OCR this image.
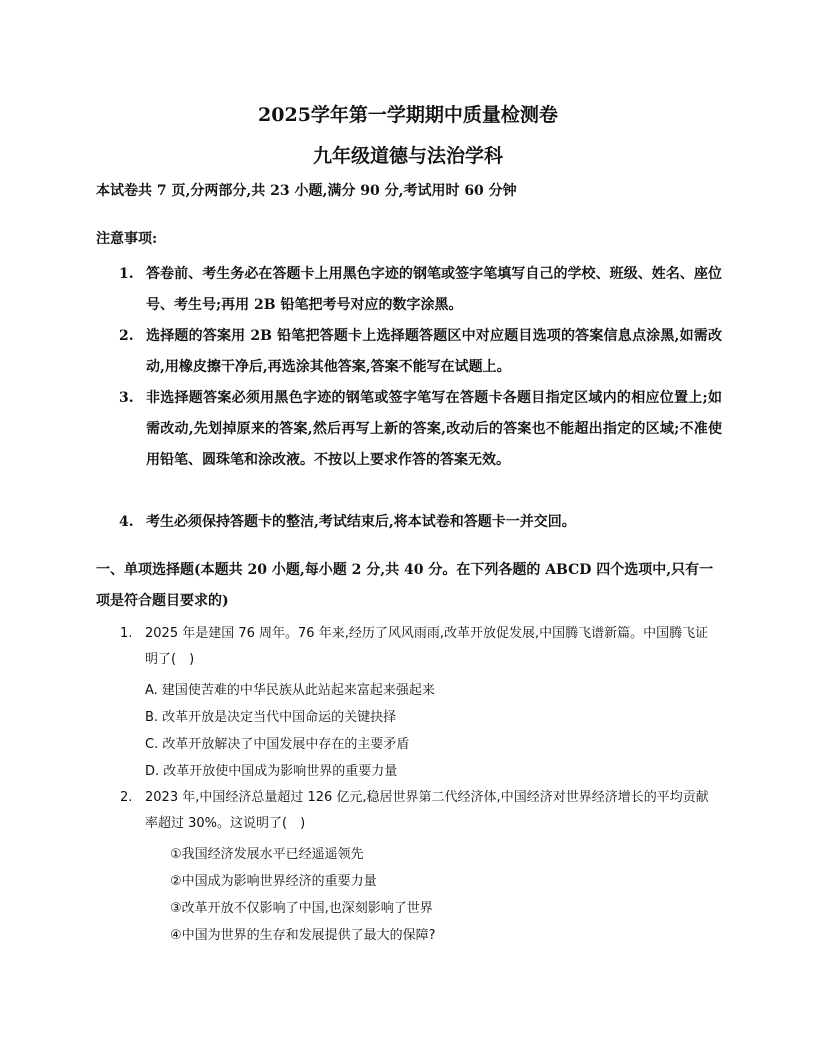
2025学年第一学期期中质量检测卷
九年级道德与法治学科
本试卷共 7 页,分两部分,共 23 小题,满分 90 分,考试用时 60 分钟
注意事项:
1. 答卷前、考生务必在答题卡上用黑色字迹的钢笔或签字笔填写自己的学校、班级、姓名、座位号、考生号;再用 2B 铅笔把考号对应的数字涂黑。
2. 选择题的答案用 2B 铅笔把答题卡上选择题答题区中对应题目选项的答案信息点涂黑,如需改动,用橡皮擦干净后,再选涂其他答案,答案不能写在试题上。
3. 非选择题答案必须用黑色字迹的钢笔或签字笔写在答题卡各题目指定区域内的相应位置上;如需改动,先划掉原来的答案,然后再写上新的答案,改动后的答案也不能超出指定的区域;不准使用铅笔、圆珠笔和涂改液。不按以上要求作答的答案无效。
4. 考生必须保持答题卡的整洁,考试结束后,将本试卷和答题卡一并交回。
一、单项选择题(本题共 20 小题,每小题 2 分,共 40 分。在下列各题的 ABCD 四个选项中,只有一项是符合题目要求的)
1. 2025 年是建国 76 周年。76 年来,经历了风风雨雨,改革开放促发展,中国腾飞谱新篇。中国腾飞证明了(　)
A. 建国使苦难的中华民族从此站起来富起来强起来
B. 改革开放是决定当代中国命运的关键抉择
C. 改革开放解决了中国发展中存在的主要矛盾
D. 改革开放使中国成为影响世界的重要力量
2. 2023 年,中国经济总量超过 126 亿元,稳居世界第二代经济体,中国经济对世界经济增长的平均贡献率超过 30%。这说明了(　)
①我国经济发展水平已经遥遥领先
②中国成为影响世界经济的重要力量
③改革开放不仅影响了中国,也深刻影响了世界
④中国为世界的生存和发展提供了最大的保障?
